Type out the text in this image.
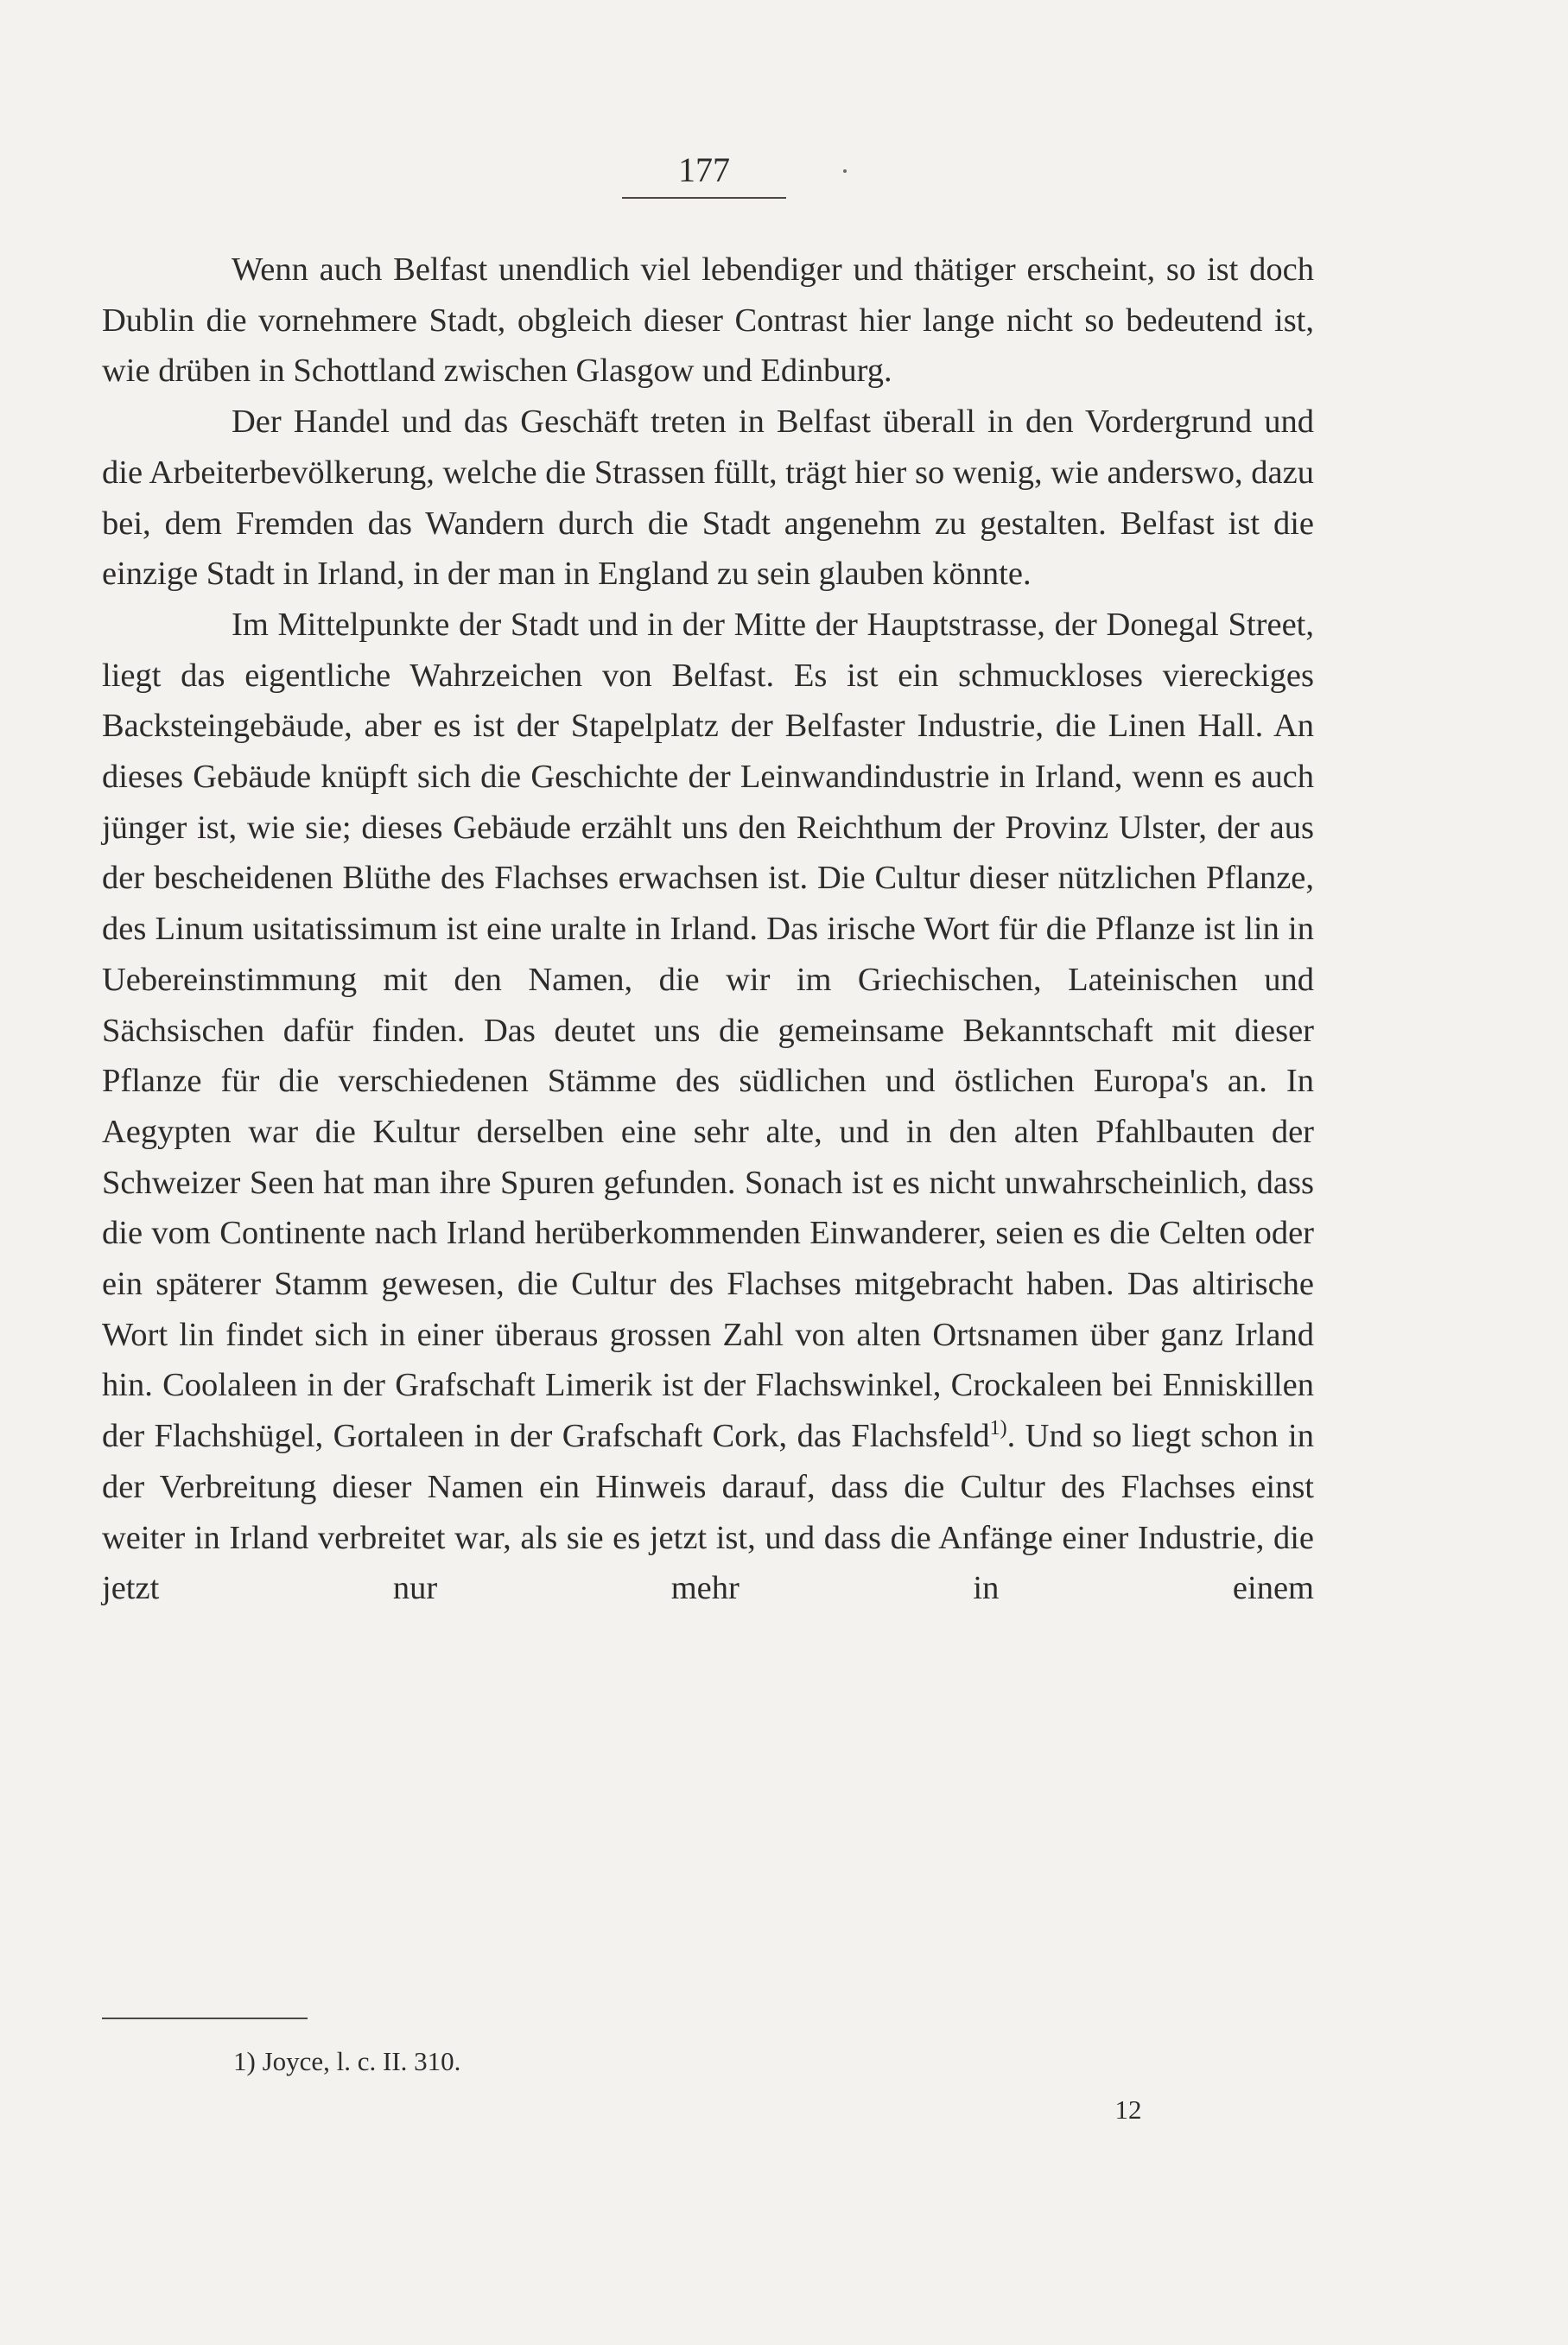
177

Wenn auch Belfast unendlich viel lebendiger und thätiger erscheint, so ist doch Dublin die vornehmere Stadt, obgleich dieser Contrast hier lange nicht so bedeutend ist, wie drüben in Schottland zwischen Glasgow und Edinburg.

Der Handel und das Geschäft treten in Belfast überall in den Vordergrund und die Arbeiterbevölkerung, welche die Strassen füllt, trägt hier so wenig, wie anderswo, dazu bei, dem Fremden das Wandern durch die Stadt angenehm zu gestalten. Belfast ist die einzige Stadt in Irland, in der man in England zu sein glauben könnte.

Im Mittelpunkte der Stadt und in der Mitte der Hauptstrasse, der Donegal Street, liegt das eigentliche Wahrzeichen von Belfast. Es ist ein schmuckloses viereckiges Backsteingebäude, aber es ist der Stapelplatz der Belfaster Industrie, die Linen Hall. An dieses Gebäude knüpft sich die Geschichte der Leinwandindustrie in Irland, wenn es auch jünger ist, wie sie; dieses Gebäude erzählt uns den Reichthum der Provinz Ulster, der aus der bescheidenen Blüthe des Flachses erwachsen ist. Die Cultur dieser nützlichen Pflanze, des Linum usitatissimum ist eine uralte in Irland. Das irische Wort für die Pflanze ist lin in Uebereinstimmung mit den Namen, die wir im Griechischen, Lateinischen und Sächsischen dafür finden. Das deutet uns die gemeinsame Bekanntschaft mit dieser Pflanze für die verschiedenen Stämme des südlichen und östlichen Europa's an. In Aegypten war die Kultur derselben eine sehr alte, und in den alten Pfahlbauten der Schweizer Seen hat man ihre Spuren gefunden. Sonach ist es nicht unwahrscheinlich, dass die vom Continente nach Irland herüberkommenden Einwanderer, seien es die Celten oder ein späterer Stamm gewesen, die Cultur des Flachses mitgebracht haben. Das altirische Wort lin findet sich in einer überaus grossen Zahl von alten Ortsnamen über ganz Irland hin. Coolaleen in der Grafschaft Limerik ist der Flachswinkel, Crockaleen bei Enniskillen der Flachshügel, Gortaleen in der Grafschaft Cork, das Flachsfeld$^{1)}$. Und so liegt schon in der Verbreitung dieser Namen ein Hinweis darauf, dass die Cultur des Flachses einst weiter in Irland verbreitet war, als sie es jetzt ist, und dass die Anfänge einer Industrie, die jetzt nur mehr in einem

1) Joyce, l. c. II. 310.
12
